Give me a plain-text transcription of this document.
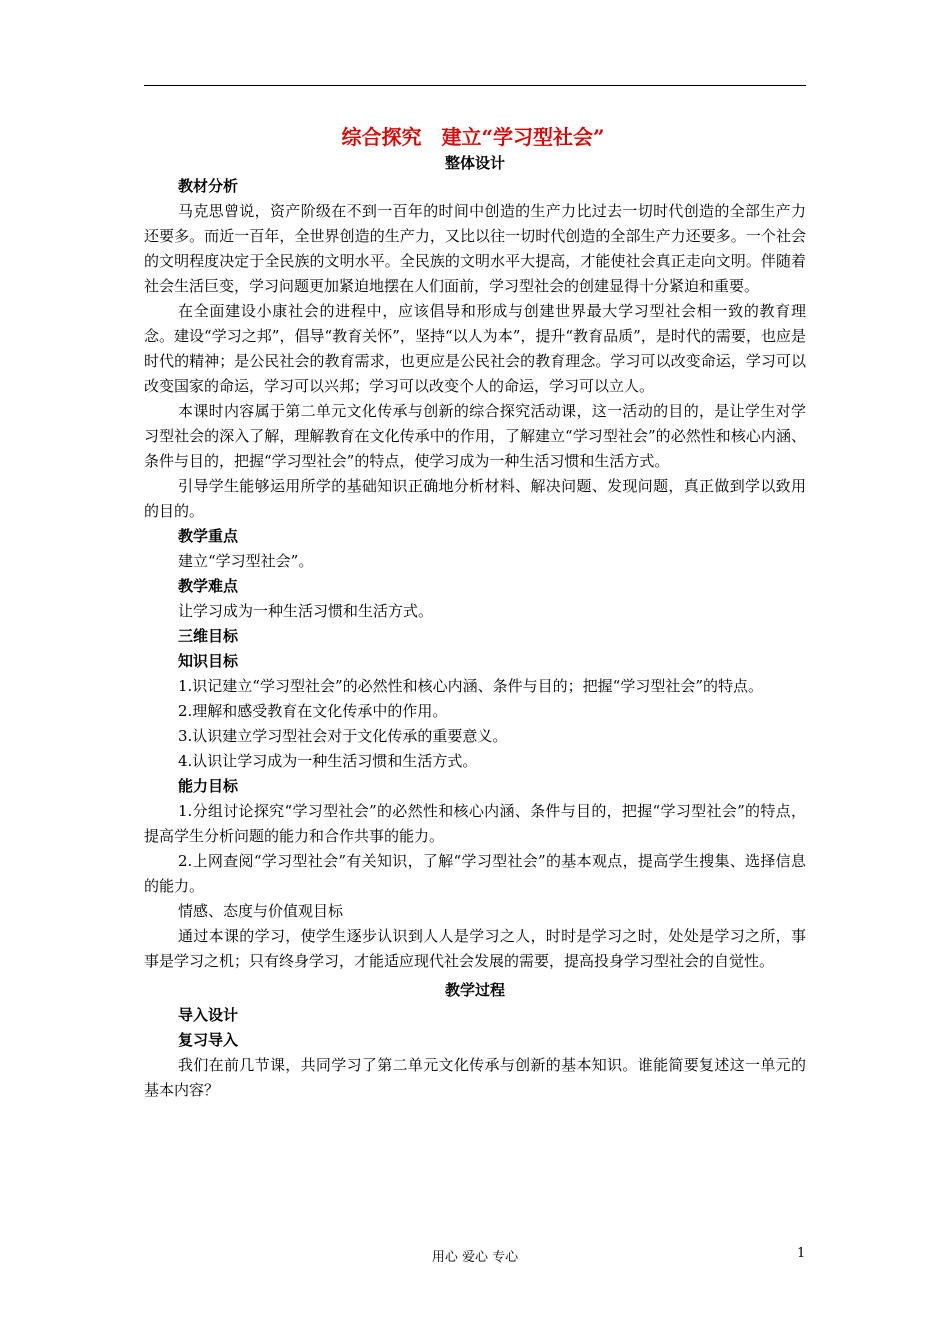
综合探究　建立“学习型社会”
整体设计
教材分析

马克思曾说，资产阶级在不到一百年的时间中创造的生产力比过去一切时代创造的全部生产力还要多。而近一百年，全世界创造的生产力，又比以往一切时代创造的全部生产力还要多。一个社会的文明程度决定于全民族的文明水平。全民族的文明水平大提高，才能使社会真正走向文明。伴随着社会生活巨变，学习问题更加紧迫地摆在人们面前，学习型社会的创建显得十分紧迫和重要。

在全面建设小康社会的进程中，应该倡导和形成与创建世界最大学习型社会相一致的教育理念。建设“学习之邦”，倡导“教育关怀”，坚持“以人为本”，提升“教育品质”，是时代的需要，也应是时代的精神；是公民社会的教育需求，也更应是公民社会的教育理念。学习可以改变命运，学习可以改变国家的命运，学习可以兴邦；学习可以改变个人的命运，学习可以立人。

本课时内容属于第二单元文化传承与创新的综合探究活动课，这一活动的目的，是让学生对学习型社会的深入了解，理解教育在文化传承中的作用，了解建立“学习型社会”的必然性和核心内涵、条件与目的，把握“学习型社会”的特点，使学习成为一种生活习惯和生活方式。

引导学生能够运用所学的基础知识正确地分析材料、解决问题、发现问题，真正做到学以致用的目的。

教学重点

建立“学习型社会”。

教学难点

让学习成为一种生活习惯和生活方式。

三维目标
知识目标

1.识记建立“学习型社会”的必然性和核心内涵、条件与目的；把握“学习型社会”的特点。

2.理解和感受教育在文化传承中的作用。

3.认识建立学习型社会对于文化传承的重要意义。

4.认识让学习成为一种生活习惯和生活方式。

能力目标

1.分组讨论探究“学习型社会”的必然性和核心内涵、条件与目的，把握“学习型社会”的特点，提高学生分析问题的能力和合作共事的能力。

2.上网查阅“学习型社会”有关知识，了解“学习型社会”的基本观点，提高学生搜集、选择信息的能力。

情感、态度与价值观目标

通过本课的学习，使学生逐步认识到人人是学习之人，时时是学习之时，处处是学习之所，事事是学习之机；只有终身学习，才能适应现代社会发展的需要，提高投身学习型社会的自觉性。

教学过程
导入设计
复习导入

我们在前几节课，共同学习了第二单元文化传承与创新的基本知识。谁能简要复述这一单元的基本内容？

用心 爱心 专心	1
